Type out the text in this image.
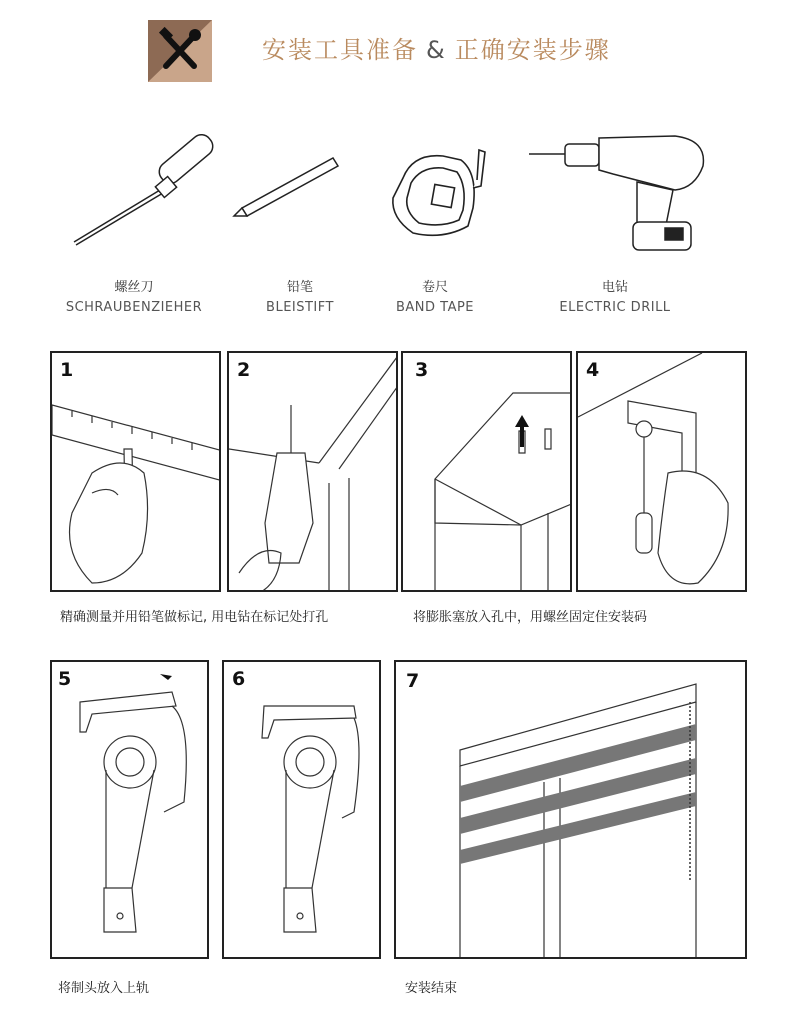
安装工具准备 & 正确安装步骤
螺丝刀
SCHRAUBENZIEHER
铅笔
BLEISTIFT
卷尺
BAND TAPE
电钻
ELECTRIC DRILL
1	2	3	4
精确测量并用铅笔做标记, 用电钻在标记处打孔	将膨胀塞放入孔中，用螺丝固定住安装码
5	6	7
将制头放入上轨	安装结束
